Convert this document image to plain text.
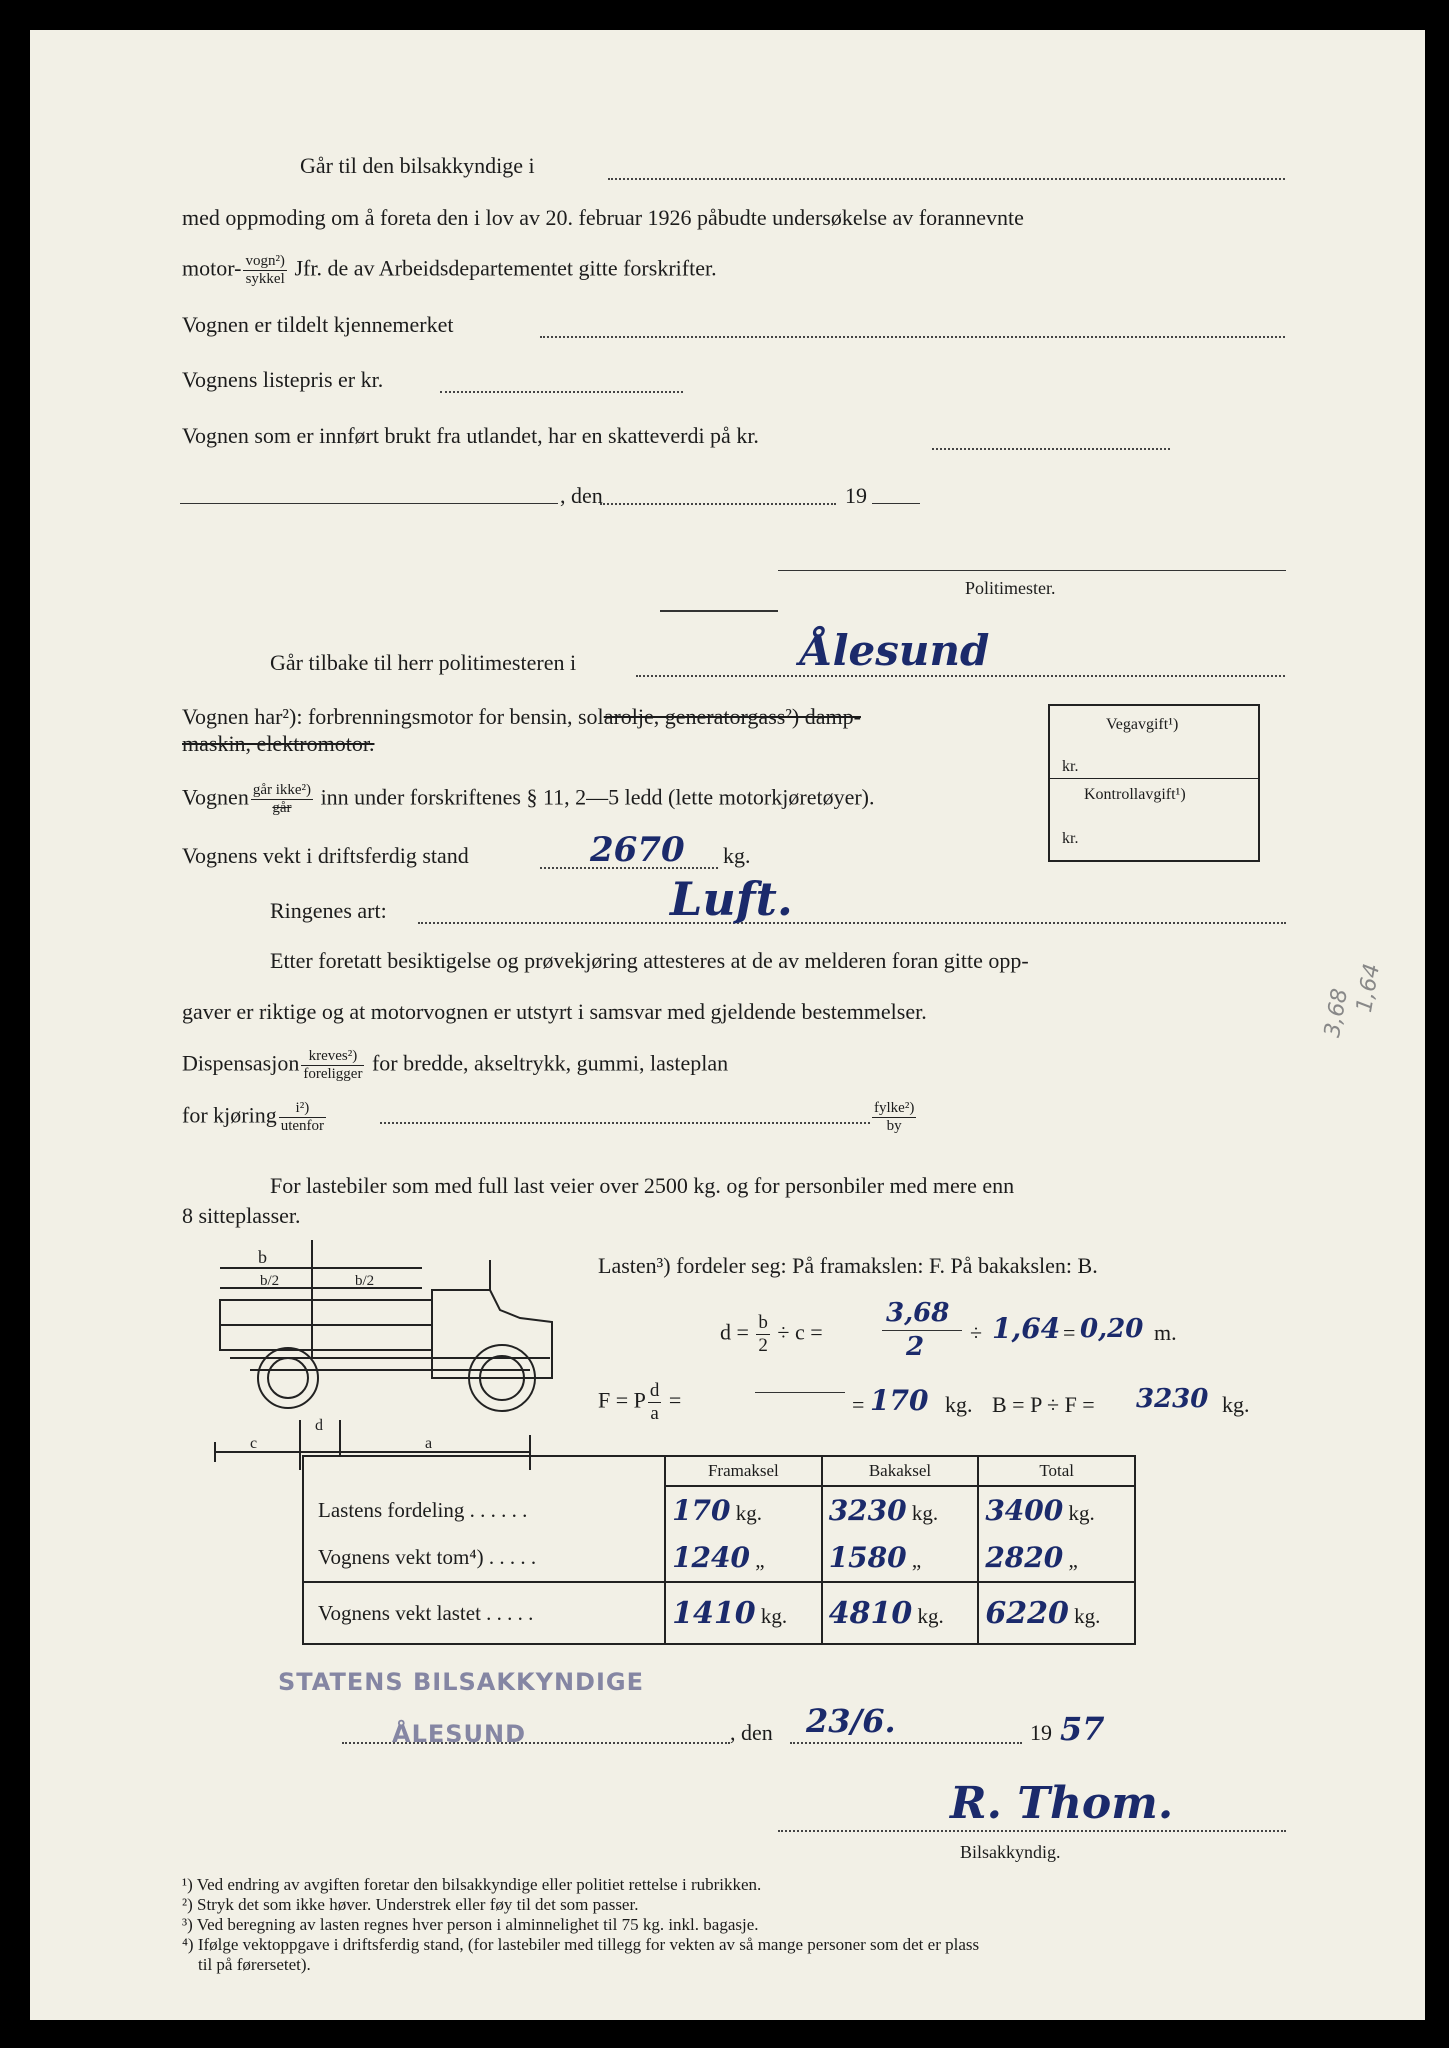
Går til den bilsakkyndige i
med oppmoding om å foreta den i lov av 20. februar 1926 påbudte undersøkelse av forannevnte
motor- $\frac{\text{vogn²)}}{\text{sykkel}}$ Jfr. de av Arbeidsdepartementet gitte forskrifter.
Vognen er tildelt kjennemerket
Vognens listepris er kr.
Vognen som er innført brukt fra utlandet, har en skatteverdi på kr.
, den	19
Politimester.
Går tilbake til herr politimesteren i	Ålesund
Vognen har²): forbrenningsmotor for bensin, solarolje, generatorgass²) damp-
maskin, elektromotor.
Vognen $\frac{\text{går ikke²)}}{\text{går}}$ inn under forskriftenes § 11, 2—5 ledd (lette motorkjøretøyer).
Vognens vekt i driftsferdig stand	2670 kg.
Ringenes art:	Luft.
Etter foretatt besiktigelse og prøvekjøring attesteres at de av melderen foran gitte opp-
gaver er riktige og at motorvognen er utstyrt i samsvar med gjeldende bestemmelser.
Dispensasjon $\frac{\text{kreves²)}}{\text{foreligger}}$ for bredde, akseltrykk, gummi, lasteplan
for kjøring $\frac{\text{i²)}}{\text{utenfor}}$	$\frac{\text{fylke²)}}{by}$
Vegavgift¹)
kr.
Kontrollavgift¹)
kr.
3,68
1,64
For lastebiler som med full last veier over 2500 kg. og for personbiler med mere enn
8 sitteplasser.
b
b/2	b/2
c
d
a
Lasten³) fordeler seg: På framakslen: F. På bakakslen: B.
$d = \frac{b}{2} \div c$ =
3,68
2 ÷ 1,64 = 0,20 m.
F = P $\frac{d}{a}$ =	= 170 kg. B = P ÷ F = 3230 kg.
	Framaksel	Bakaksel	Total
Lastens fordeling . . . . . .	170 kg.	3230 kg.	3400 kg.
Vognens vekt tom⁴) . . . . .	1240 „	1580 „	2820 „
Vognens vekt lastet . . . . .	1410 kg.	4810 kg.	6220 kg.
STATENS BILSAKKYNDIGE
ÅLESUND	, den 23/6.	19 57
R. Thom.
Bilsakkyndig.
¹) Ved endring av avgiften foretar den bilsakkyndige eller politiet rettelse i rubrikken.
²) Stryk det som ikke høver. Understrek eller føy til det som passer.
³) Ved beregning av lasten regnes hver person i alminnelighet til 75 kg. inkl. bagasje.
⁴) Ifølge vektoppgave i driftsferdig stand, (for lastebiler med tillegg for vekten av så mange personer som det er plass
til på førersetet).
